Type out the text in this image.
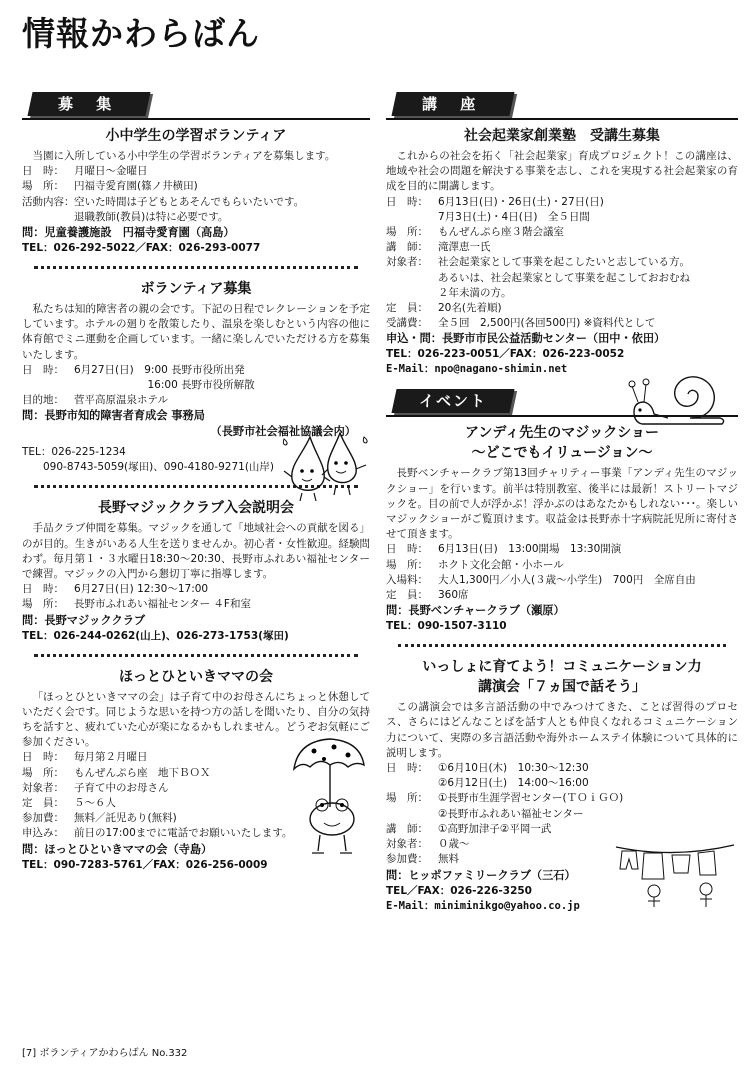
情報かわらばん
募 集
小中学生の学習ボランティア

当園に入所している小中学生の学習ボランティアを募集します。

日　時： 月曜日～金曜日
場　所： 円福寺愛育園(篠ノ井横田)
活動内容： 空いた時間は子どもとあそんでもらいたいです。
退職教師(教員)は特に必要です。
問：児童養護施設　円福寺愛育園（高島）
TEL：026-292-5022／FAX：026-293-0077
ボランティア募集

私たちは知的障害者の親の会です。下記の日程でレクレーションを予定しています。ホテルの廻りを散策したり、温泉を楽しむという内容の他に体育館でミニ運動を企画しています。一緒に楽しんでいただける方を募集いたします。

日　時： 6月27日(日)　9:00 長野市役所出発
　　　　　　　16:00 長野市役所解散
目的地： 菅平高原温泉ホテル
問：長野市知的障害者育成会 事務局
（長野市社会福祉協議会内）
TEL：026-225-1234
　　090-8743-5059(塚田)、090-4180-9271(山岸)
長野マジッククラブ入会説明会

手品クラブ仲間を募集。マジックを通して「地域社会への貢献を図る」のが目的。生きがいある人生を送りませんか。初心者・女性歓迎。経験問わず。毎月第１・３水曜日18:30～20:30、長野市ふれあい福祉センターで練習。マジックの入門から懇切丁寧に指導します。

日　時： 6月27日(日) 12:30～17:00
場　所： 長野市ふれあい福祉センター ４F和室
問：長野マジッククラブ
TEL：026-244-0262(山上)、026-273-1753(塚田)
ほっとひといきママの会

「ほっとひといきママの会」は子育て中のお母さんにちょっと休憩していただく会です。同じような思いを持つ方の話しを聞いたり、自分の気持ちを話すと、疲れていた心が楽になるかもしれません。どうぞお気軽にご参加ください。

日　時： 毎月第２月曜日
場　所： もんぜんぷら座　地下ＢＯＸ
対象者： 子育て中のお母さん
定　員： ５～６人
参加費： 無料／託児あり(無料)
申込み： 前日の17:00までに電話でお願いいたします。
問：ほっとひといきママの会（寺島）
TEL：090-7283-5761／FAX：026-256-0009
講 座
社会起業家創業塾　受講生募集

これからの社会を拓く「社会起業家」育成プロジェクト！この講座は、地域や社会の問題を解決する事業を志し、これを実現する社会起業家の育成を目的に開講します。

日　時： 6月13日(日)・26日(土)・27日(日)
7月3日(土)・4日(日)　全５日間
場　所： もんぜんぷら座３階会議室
講　師： 滝澤恵一氏
対象者： 社会起業家として事業を起こしたいと志している方。
あるいは、社会起業家として事業を起こしておおむね
２年未満の方。
定　員： 20名(先着順)
受講費： 全５回　2,500円(各回500円) ※資料代として
申込・問：長野市市民公益活動センター（田中・依田）
TEL：026-223-0051／FAX：026-223-0052
E-Mail：npo@nagano-shimin.net
イベント
アンディ先生のマジックショー
～どこでもイリュージョン～

長野ベンチャークラブ第13回チャリティー事業「アンディ先生のマジックショー」を行います。前半は特別教室、後半には最新！ストリートマジックを。目の前で人が浮かぶ！浮かぶのはあなたかもしれない･･･。楽しいマジックショーがご覧頂けます。収益金は長野赤十字病院託児所に寄付させて頂きます。

日　時： 6月13日(日)　13:00開場　13:30開演
場　所： ホクト文化会館・小ホール
入場料： 大人1,300円／小人(３歳～小学生)　700円　全席自由
定　員： 360席
問：長野ベンチャークラブ（瀬原）
TEL：090-1507-3110
いっしょに育てよう！コミュニケーション力
講演会「７ヵ国で話そう」

この講演会では多言語活動の中でみつけてきた、ことば習得のプロセス、さらにはどんなことばを話す人とも仲良くなれるコミュニケーション力について、実際の多言語活動や海外ホームステイ体験について具体的に説明します。

日　時： ①6月10日(木)　10:30～12:30
②6月12日(土)　14:00～16:00
場　所： ①長野市生涯学習センター(ＴＯｉＧＯ)
②長野市ふれあい福祉センター
講　師： ①高野加津子②平岡一武
対象者： ０歳～
参加費： 無料
問：ヒッポファミリークラブ（三石）
TEL／FAX：026-226-3250
E-Mail：miniminikgo@yahoo.co.jp
[7] ボランティアかわらばん No.332
